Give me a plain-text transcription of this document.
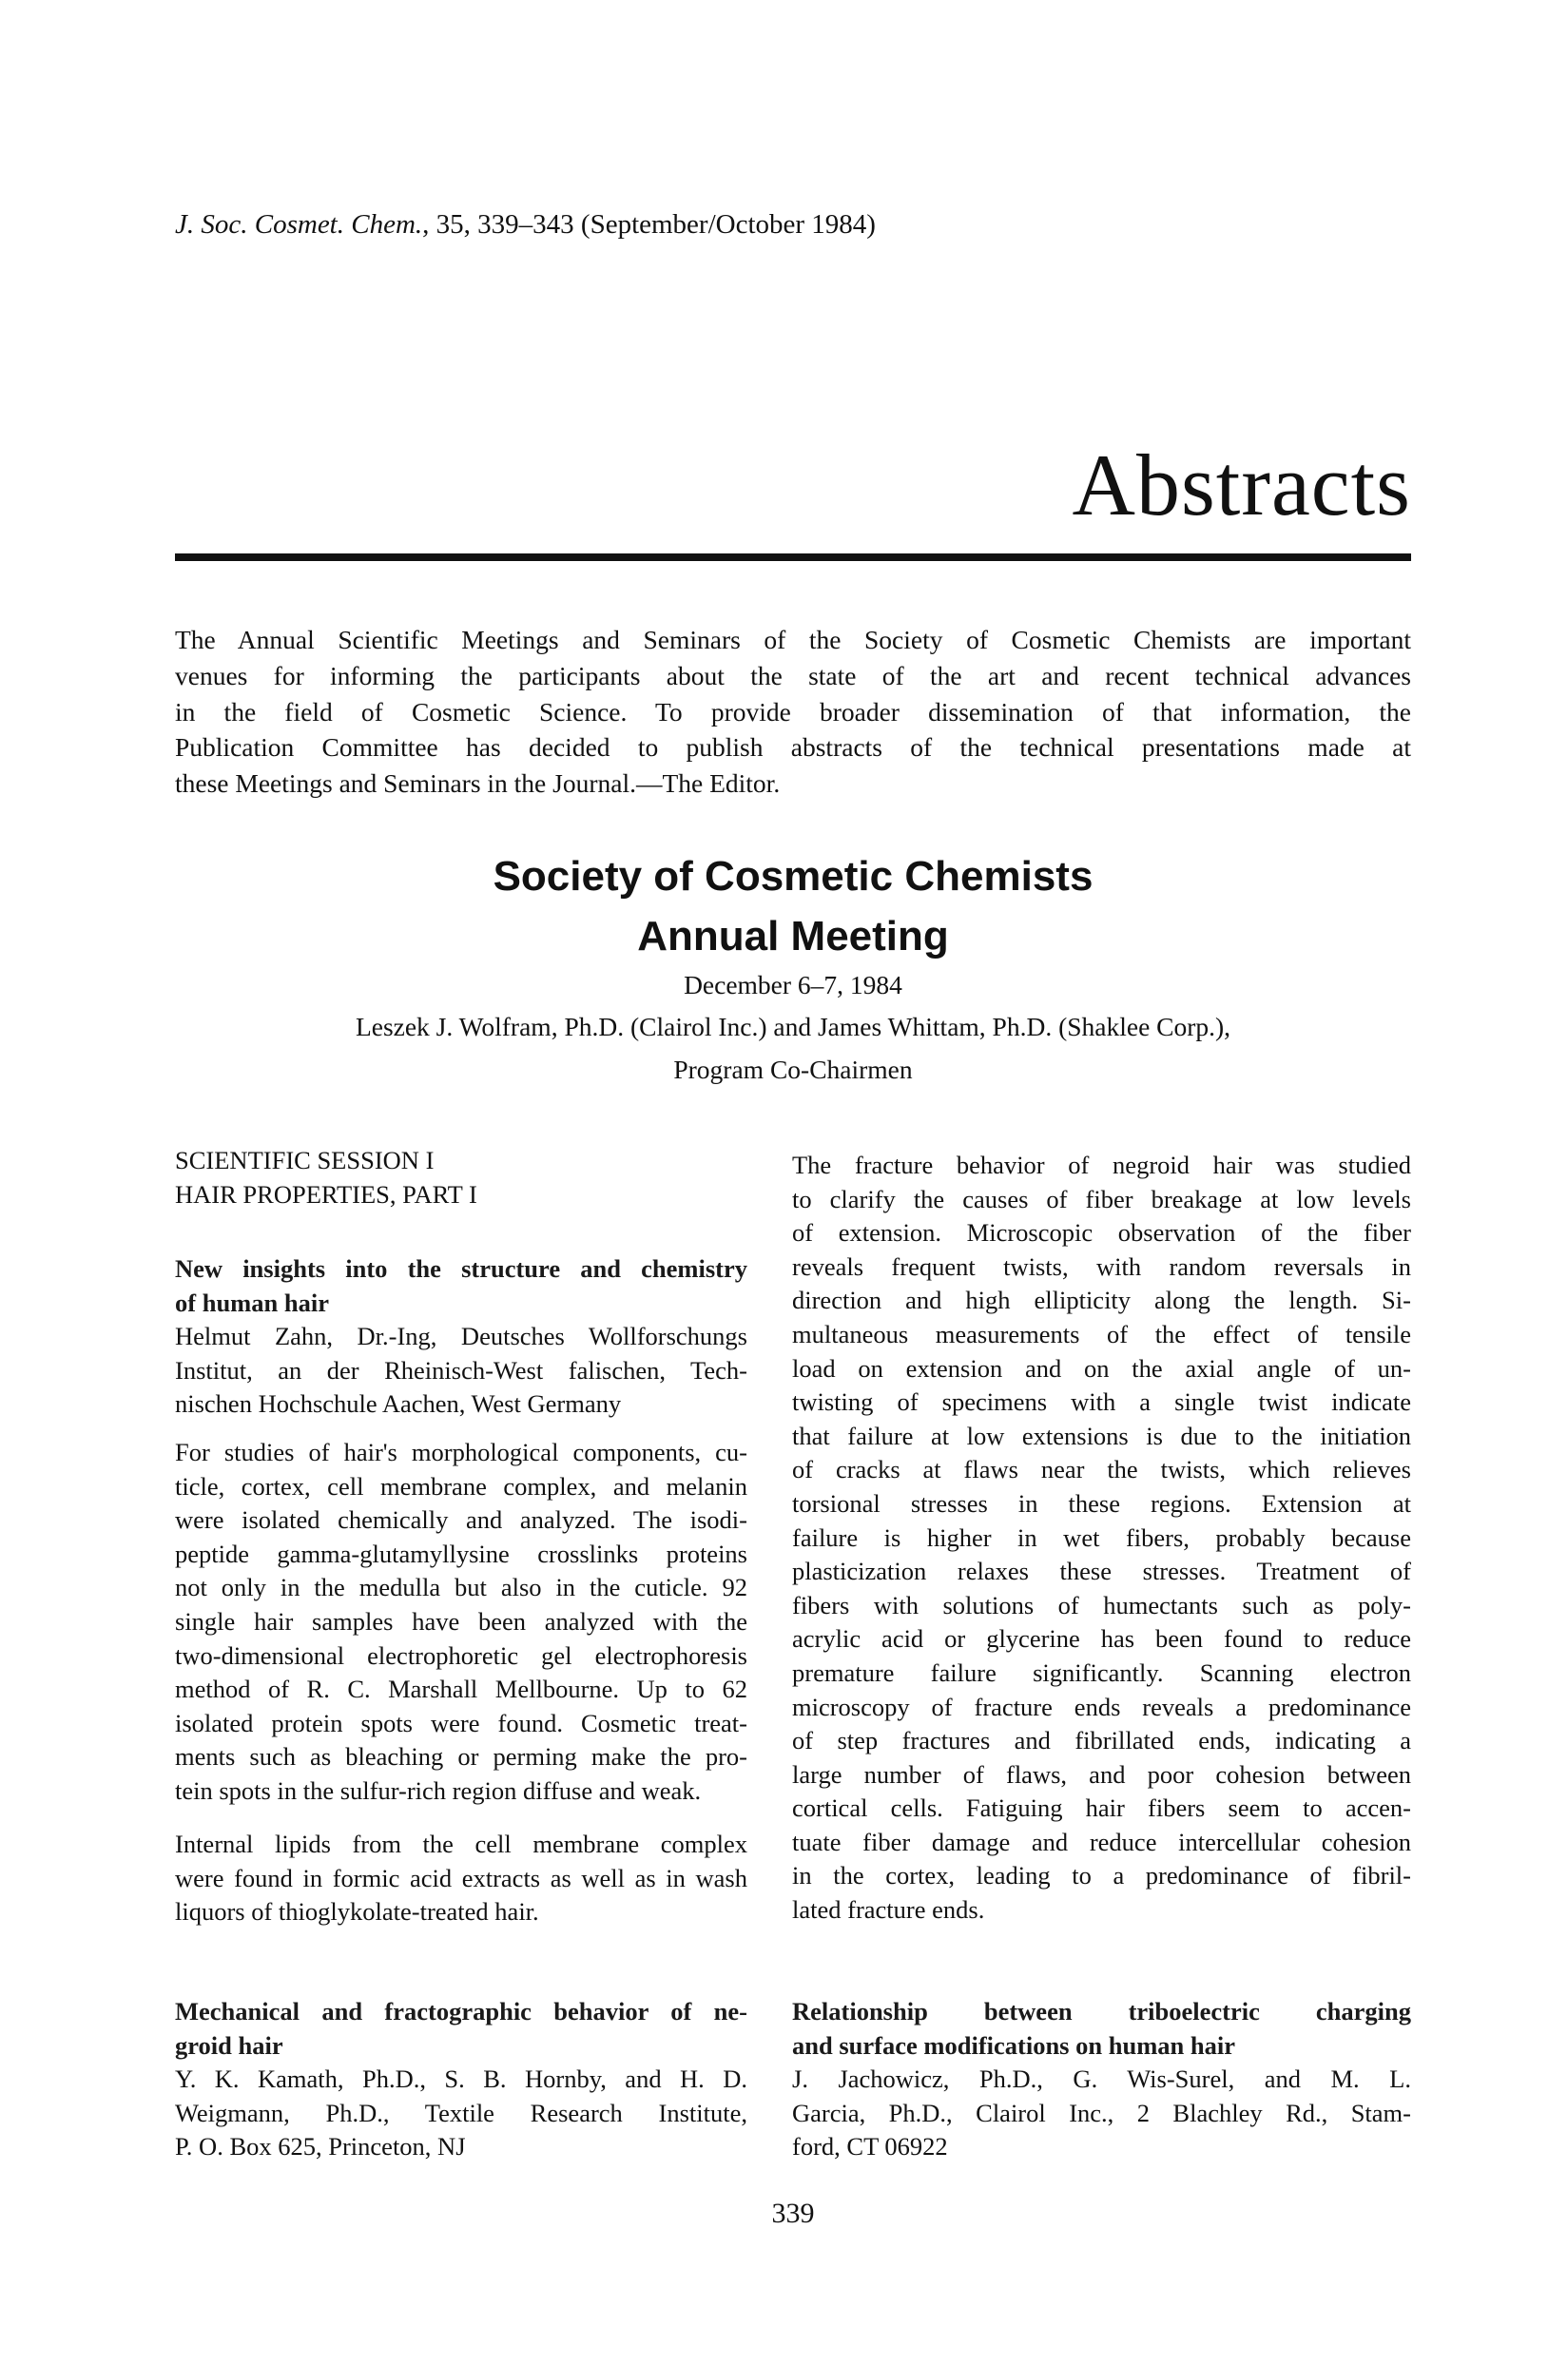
J. Soc. Cosmet. Chem., 35, 339–343 (September/October 1984)
Abstracts
The Annual Scientific Meetings and Seminars of the Society of Cosmetic Chemists are important
venues for informing the participants about the state of the art and recent technical advances
in the field of Cosmetic Science. To provide broader dissemination of that information, the
Publication Committee has decided to publish abstracts of the technical presentations made at
these Meetings and Seminars in the Journal.—The Editor.
Society of Cosmetic Chemists
Annual Meeting
December 6–7, 1984
Leszek J. Wolfram, Ph.D. (Clairol Inc.) and James Whittam, Ph.D. (Shaklee Corp.),
Program Co-Chairmen
SCIENTIFIC SESSION I
HAIR PROPERTIES, PART I
New insights into the structure and chemistry
of human hair
Helmut Zahn, Dr.-Ing, Deutsches Wollforschungs
Institut, an der Rheinisch-West falischen, Tech-
nischen Hochschule Aachen, West Germany
For studies of hair's morphological components, cu-
ticle, cortex, cell membrane complex, and melanin
were isolated chemically and analyzed. The isodi-
peptide gamma-glutamyllysine crosslinks proteins
not only in the medulla but also in the cuticle. 92
single hair samples have been analyzed with the
two-dimensional electrophoretic gel electrophoresis
method of R. C. Marshall Mellbourne. Up to 62
isolated protein spots were found. Cosmetic treat-
ments such as bleaching or perming make the pro-
tein spots in the sulfur-rich region diffuse and weak.
Internal lipids from the cell membrane complex
were found in formic acid extracts as well as in wash
liquors of thioglykolate-treated hair.
The fracture behavior of negroid hair was studied
to clarify the causes of fiber breakage at low levels
of extension. Microscopic observation of the fiber
reveals frequent twists, with random reversals in
direction and high ellipticity along the length. Si-
multaneous measurements of the effect of tensile
load on extension and on the axial angle of un-
twisting of specimens with a single twist indicate
that failure at low extensions is due to the initiation
of cracks at flaws near the twists, which relieves
torsional stresses in these regions. Extension at
failure is higher in wet fibers, probably because
plasticization relaxes these stresses. Treatment of
fibers with solutions of humectants such as poly-
acrylic acid or glycerine has been found to reduce
premature failure significantly. Scanning electron
microscopy of fracture ends reveals a predominance
of step fractures and fibrillated ends, indicating a
large number of flaws, and poor cohesion between
cortical cells. Fatiguing hair fibers seem to accen-
tuate fiber damage and reduce intercellular cohesion
in the cortex, leading to a predominance of fibril-
lated fracture ends.
Mechanical and fractographic behavior of ne-
groid hair
Y. K. Kamath, Ph.D., S. B. Hornby, and H. D.
Weigmann, Ph.D., Textile Research Institute,
P. O. Box 625, Princeton, NJ
Relationship between triboelectric charging
and surface modifications on human hair
J. Jachowicz, Ph.D., G. Wis-Surel, and M. L.
Garcia, Ph.D., Clairol Inc., 2 Blachley Rd., Stam-
ford, CT 06922
339
